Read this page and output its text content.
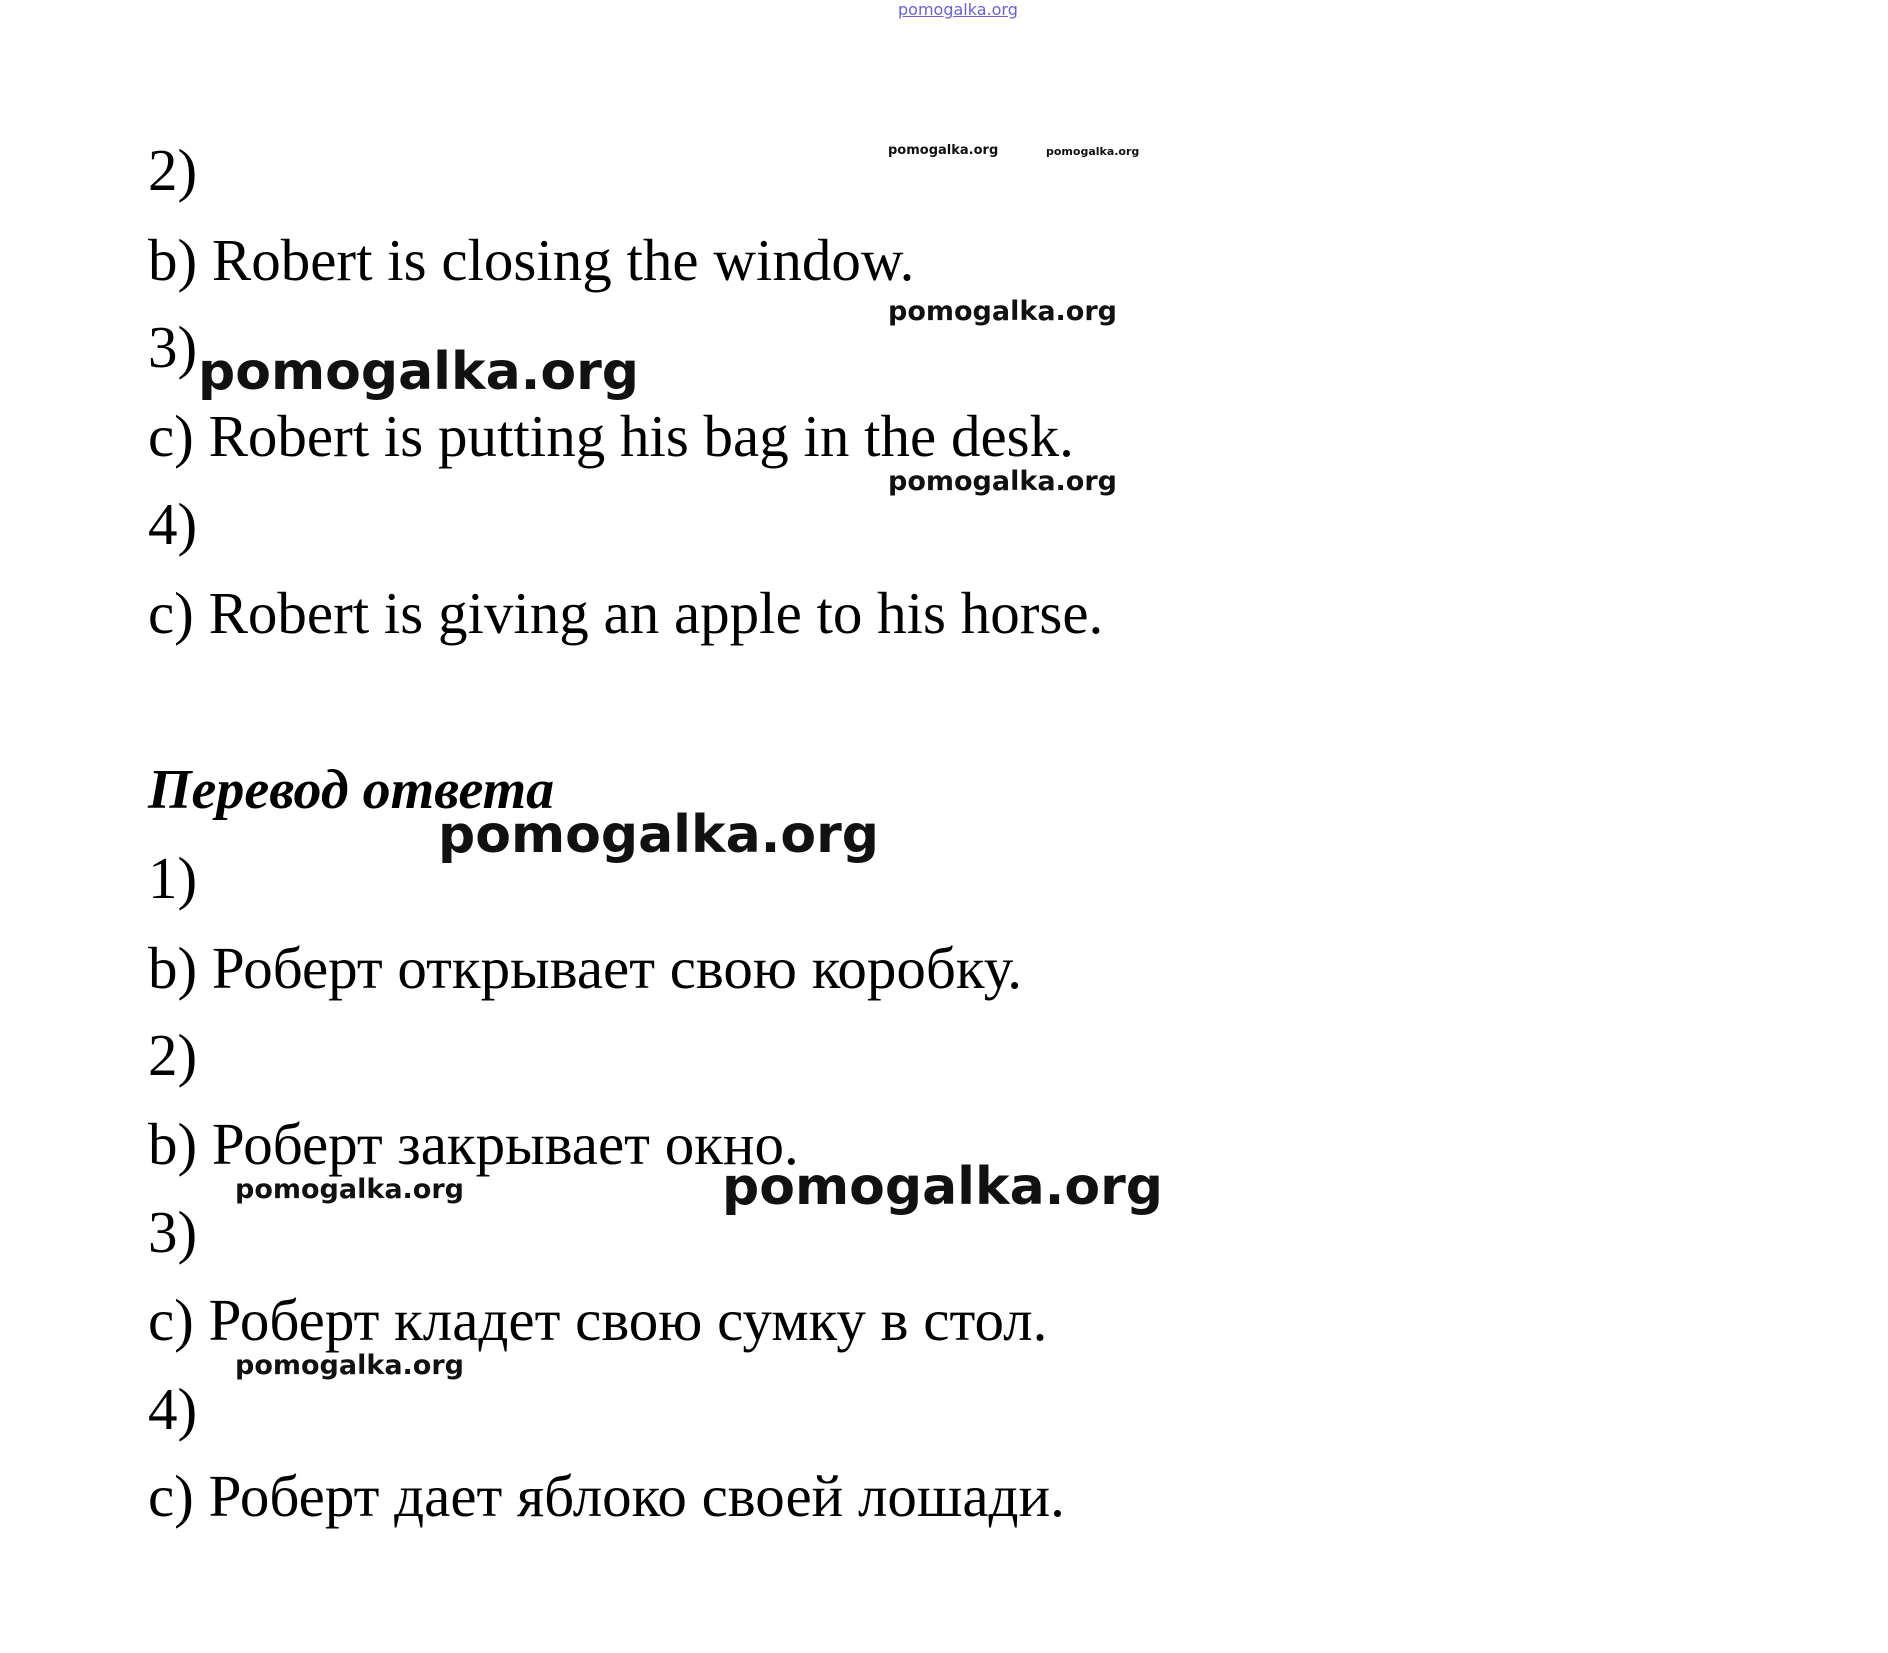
pomogalka.org
pomogalka.org	pomogalka.org
pomogalka.org
pomogalka.org
pomogalka.org
pomogalka.org
pomogalka.org	pomogalka.org
pomogalka.org

2)

b) Robert is closing the window.

3)

c) Robert is putting his bag in the desk.

4)

c) Robert is giving an apple to his horse.

Перевод ответа

1)

b) Роберт открывает свою коробку.

2)

b) Роберт закрывает окно.

3)

c) Роберт кладет свою сумку в стол.

4)

c) Роберт дает яблоко своей лошади.
